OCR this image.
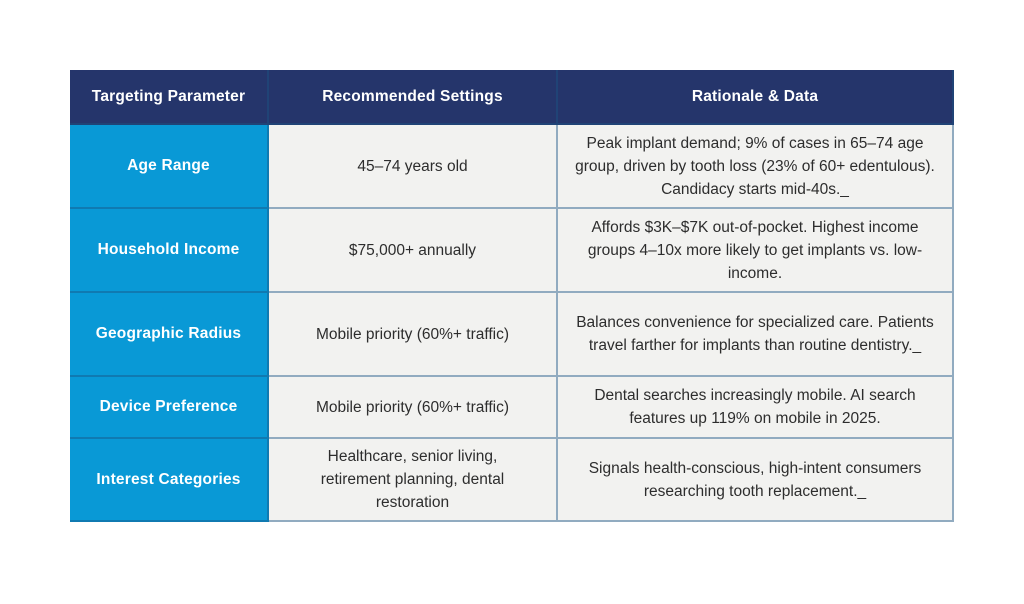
Targeting Parameter	Recommended Settings	Rationale & Data
Age Range	45–74 years old	Peak implant demand; 9% of cases in 65–74 age group, driven by tooth loss (23% of 60+ edentulous). Candidacy starts mid-40s._
Household Income	$75,000+ annually	Affords $3K–$7K out-of-pocket. Highest income groups 4–10x more likely to get implants vs. low-income.
Geographic Radius	Mobile priority (60%+ traffic)	Balances convenience for specialized care. Patients travel farther for implants than routine dentistry._
Device Preference	Mobile priority (60%+ traffic)	Dental searches increasingly mobile. AI search features up 119% on mobile in 2025.
Interest Categories	Healthcare, senior living, retirement planning, dental restoration	Signals health-conscious, high-intent consumers researching tooth replacement._
